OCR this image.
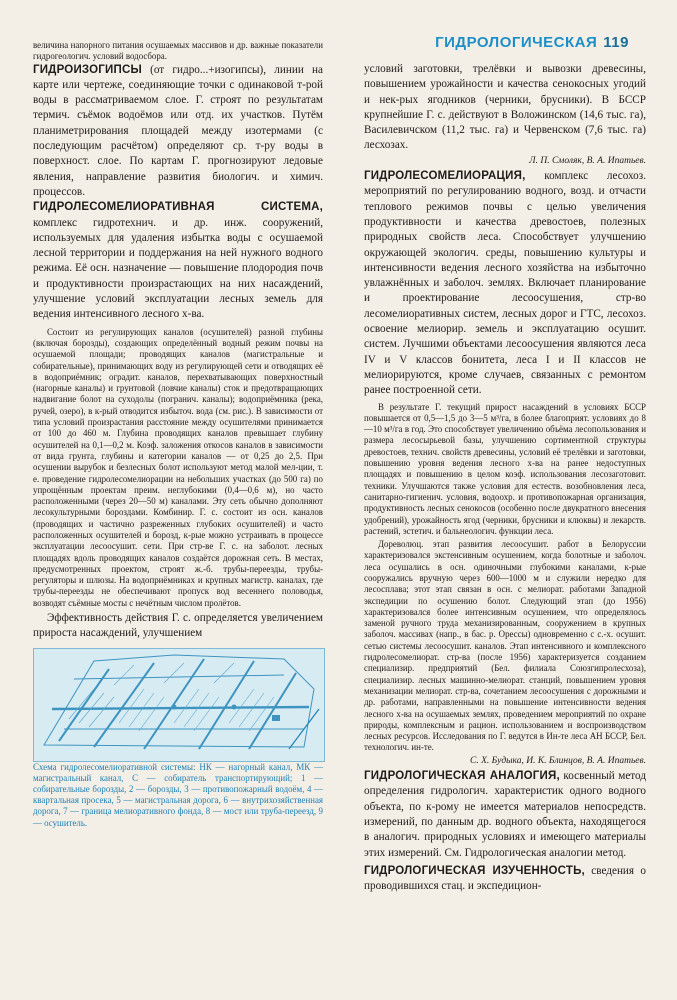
ГИДРОЛОГИЧЕСКАЯ 119

величина напорного питания осушаемых массивов и др. важные показатели гидрогеологич. условий водосбора.

ГИДРОИЗОГИПСЫ (от гидро...+изогипсы), линии на карте или чертеже, соединяющие точки с одинаковой т-рой воды в рассматриваемом слое. Г. строят по результатам термич. съёмок водоёмов или отд. их участков. Путём планиметрирования площадей между изотермами (с последующим расчётом) определяют ср. т-ру воды в поверхност. слое. По картам Г. прогнозируют ледовые явления, направление развития биологич. и химич. процессов.

ГИДРОЛЕСОМЕЛИОРАТИВНАЯ СИСТЕМА, комплекс гидротехнич. и др. инж. сооружений, используемых для удаления избытка воды с осушаемой лесной территории и поддержания на ней нужного водного режима. Её осн. назначение — повышение плодородия почв и продуктивности произрастающих на них насаждений, улучшение условий эксплуатации лесных земель для ведения интенсивного лесного х-ва.

Состоит из регулирующих каналов (осушителей) разной глубины (включая борозды), создающих определённый водный режим почвы на осушаемой площади; проводящих каналов (магистральные и собирательные), принимающих воду из регулирующей сети и отводящих её в водоприёмник; оградит. каналов, перехватывающих поверхностный (нагорные каналы) и грунтовой (ловчие каналы) сток и предотвращающих надвигание болот на суходолы (погранич. каналы); водоприёмника (река, ручей, озеро), в к-рый отводится избыточ. вода (см. рис.). В зависимости от типа условий произрастания расстояние между осушителями принимается от 100 до 460 м. Глубина проводящих каналов превышает глубину осушителей на 0,1—0,2 м. Коэф. заложения откосов каналов в зависимости от вида грунта, глубины и категории каналов — от 0,25 до 2,5. При осушении вырубок и безлесных болот используют метод малой мел-ции, т. е. проведение гидролесомелиорации на небольших участках (до 500 га) по упрощённым проектам преим. неглубокими (0,4—0,6 м), но часто расположенными (через 20—50 м) каналами. Эту сеть обычно дополняют лесокультурными бороздами. Комбинир. Г. с. состоит из осн. каналов (проводящих и частично разреженных глубоких осушителей) и часто расположенных осушителей и борозд, к-рые можно устраивать в процессе эксплуатации лесоосушит. сети. При стр-ве Г. с. на заболот. лесных площадях вдоль проводящих каналов создаётся дорожная сеть. В местах, предусмотренных проектом, строят ж.-б. трубы-переезды, трубы-регуляторы и шлюзы. На водоприёмниках и крупных магистр. каналах, где трубы-переезды не обеспечивают пропуск вод весеннего половодья, возводят съёмные мосты с нечётным числом пролётов.

Эффективность действия Г. с. определяется увеличением прироста насаждений, улучшением

Схема гидролесомелиоративной системы: НК — нагорный канал, МК — магистральный канал, С — собиратель транспортирующий; 1 — собирательные борозды, 2 — борозды, 3 — противопожарный водоём, 4 — квартальная просека, 5 — магистральная дорога, 6 — внутрихозяйственная дорога, 7 — граница мелиоративного фонда, 8 — мост или труба-переезд, 9 — осушитель.

условий заготовки, трелёвки и вывозки древесины, повышением урожайности и качества сенокосных угодий и нек-рых ягодников (черники, брусники). В БССР крупнейшие Г. с. действуют в Воложинском (14,6 тыс. га), Василевичском (11,2 тыс. га) и Червенском (7,6 тыс. га) лесхозах.

Л. П. Смоляк, В. А. Ипатьев.

ГИДРОЛЕСОМЕЛИОРАЦИЯ, комплекс лесохоз. мероприятий по регулированию водного, возд. и отчасти теплового режимов почвы с целью увеличения продуктивности и качества древостоев, полезных природных свойств леса. Способствует улучшению окружающей экологич. среды, повышению культуры и интенсивности ведения лесного хозяйства на избыточно увлажнённых и заболоч. землях. Включает планирование и проектирование лесоосушения, стр-во лесомелиоративных систем, лесных дорог и ГТС, лесохоз. освоение мелиорир. земель и эксплуатацию осушит. систем. Лучшими объектами лесоосушения являются леса IV и V классов бонитета, леса I и II классов не мелиорируются, кроме случаев, связанных с ремонтом ранее построенной сети.

В результате Г. текущий прирост насаждений в условиях БССР повышается от 0,5—1,5 до 3—5 м³/га, в более благоприят. условиях до 8—10 м³/га в год. Это способствует увеличению объёма лесопользования и размера лесосырьевой базы, улучшению сортиментной структуры древостоев, технич. свойств древесины, условий её трелёвки и заготовки, повышению уровня ведения лесного х-ва на ранее недоступных площадях и повышению в целом коэф. использования лесозаготовит. техники. Улучшаются также условия для естеств. возобновления леса, санитарно-гигиенич. условия, водоохр. и противопожарная организация, продуктивность лесных сенокосов (особенно после двукратного внесения удобрений), урожайность ягод (черники, брусники и клюквы) и лекарств. растений, эстетич. и бальнеологич. функции леса.

Дореволюц. этап развития лесоосушит. работ в Белоруссии характеризовался экстенсивным осушением, когда болотные и заболоч. леса осушались в осн. одиночными глубокими каналами, к-рые сооружались вручную через 600—1000 м и служили нередко для лесосплава; этот этап связан в осн. с мелиорат. работами Западной экспедиции по осушению болот. Следующий этап (до 1956) характеризовался более интенсивным осушением, что определялось заменой ручного труда механизированным, сооружением в крупных заболоч. массивах (напр., в бас. р. Орессы) одновременно с с.-х. осушит. сетью системы лесоосушит. каналов. Этап интенсивного и комплексного гидролесомелиорат. стр-ва (после 1956) характеризуется созданием специализир. предприятий (Бел. филиала Союзгипролесхоза), специализир. лесных машинно-мелиорат. станций, повышением уровня механизации мелиорат. стр-ва, сочетанием лесоосушения с дорожными и др. работами, направленными на повышение интенсивности ведения лесного х-ва на осушаемых землях, проведением мероприятий по охране природы, комплексным и рацион. использованием и воспроизводством лесных ресурсов. Исследования по Г. ведутся в Ин-те леса АН БССР, Бел. технологич. ин-те.

С. Х. Будыка, И. К. Блинцов, В. А. Ипатьев.

ГИДРОЛОГИЧЕСКАЯ АНАЛОГИЯ, косвенный метод определения гидрологич. характеристик одного водного объекта, по к-рому не имеется материалов непосредств. измерений, по данным др. водного объекта, находящегося в аналогич. природных условиях и имеющего материалы этих измерений. См. Гидрологическая аналогии метод.

ГИДРОЛОГИЧЕСКАЯ ИЗУЧЕННОСТЬ, сведения о проводившихся стац. и экспедицион-
